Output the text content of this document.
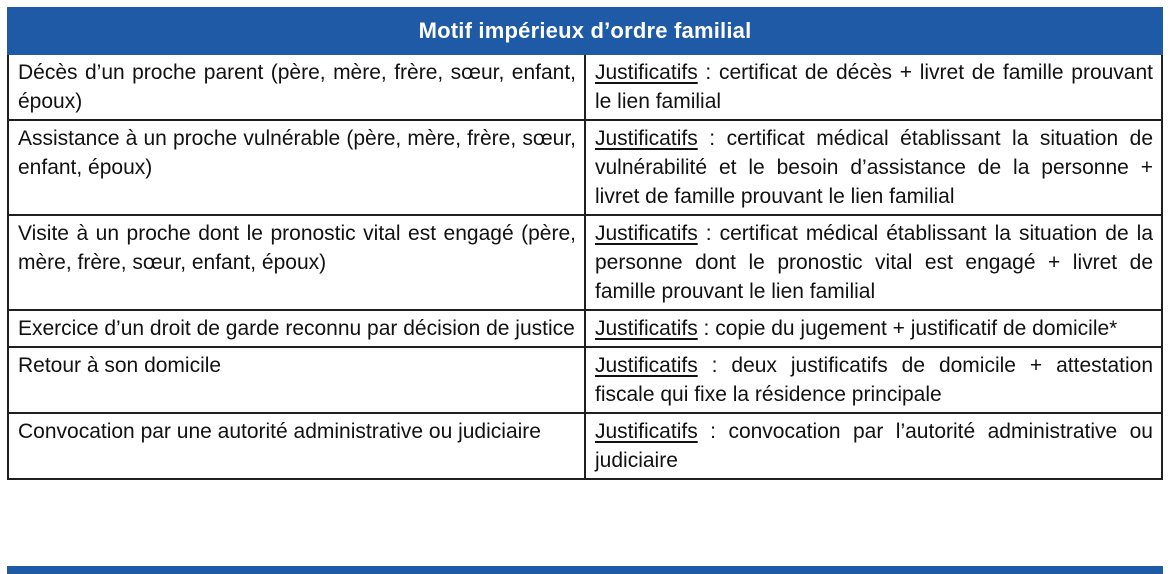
Motif impérieux d’ordre familial	
Décès d’un proche parent (père, mère, frère, sœur, enfant, époux)	Justificatifs : certificat de décès + livret de famille prouvant le lien familial
Assistance à un proche vulnérable (père, mère, frère, sœur, enfant, époux)	Justificatifs : certificat médical établissant la situation de vulnérabilité et le besoin d’assistance de la personne + livret de famille prouvant le lien familial
Visite à un proche dont le pronostic vital est engagé (père, mère, frère, sœur, enfant, époux)	Justificatifs : certificat médical établissant la situation de la personne dont le pronostic vital est engagé + livret de famille prouvant le lien familial
Exercice d’un droit de garde reconnu par décision de justice	Justificatifs : copie du jugement + justificatif de domicile*
Retour à son domicile	Justificatifs : deux justificatifs de domicile + attestation fiscale qui fixe la résidence principale
Convocation par une autorité administrative ou judiciaire	Justificatifs : convocation par l’autorité administrative ou judiciaire
